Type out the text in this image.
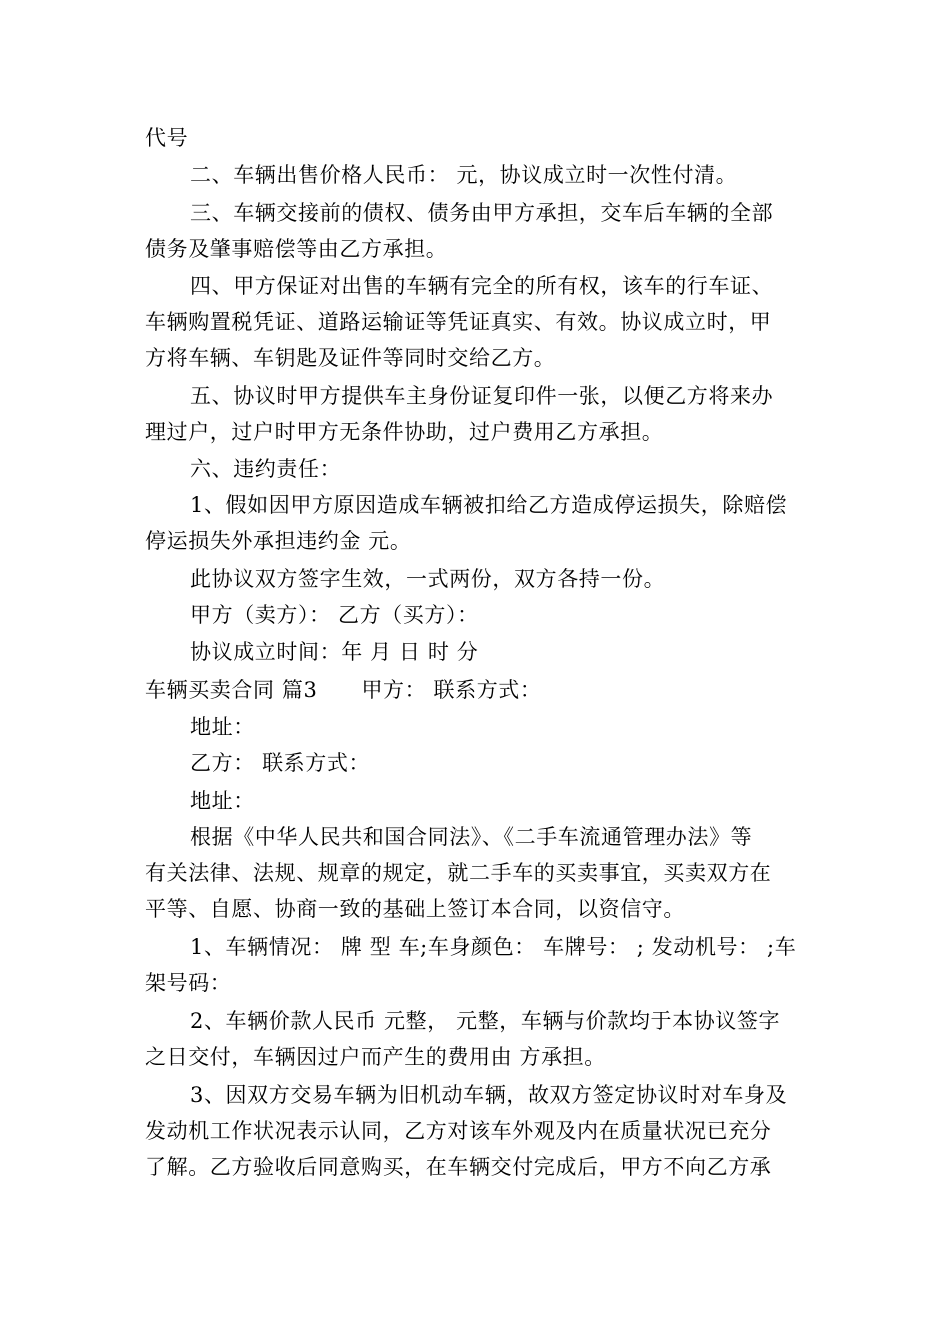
代号
二、车辆出售价格人民币： 元，协议成立时一次性付清。
三、车辆交接前的债权、债务由甲方承担，交车后车辆的全部
债务及肇事赔偿等由乙方承担。
四、甲方保证对出售的车辆有完全的所有权，该车的行车证、
车辆购置税凭证、道路运输证等凭证真实、有效。协议成立时，甲
方将车辆、车钥匙及证件等同时交给乙方。
五、协议时甲方提供车主身份证复印件一张，以便乙方将来办
理过户，过户时甲方无条件协助，过户费用乙方承担。
六、违约责任：
1、假如因甲方原因造成车辆被扣给乙方造成停运损失，除赔偿
停运损失外承担违约金 元。
此协议双方签字生效，一式两份，双方各持一份。
甲方（卖方）： 乙方（买方）：
协议成立时间：年 月 日 时 分
车辆买卖合同 篇3 甲方： 联系方式：
地址：
乙方： 联系方式：
地址：
根据《中华人民共和国合同法》、《二手车流通管理办法》等
有关法律、法规、规章的规定，就二手车的买卖事宜，买卖双方在
平等、自愿、协商一致的基础上签订本合同，以资信守。
1、车辆情况： 牌 型 车;车身颜色： 车牌号： ; 发动机号： ;车
架号码：
2、车辆价款人民币 元整， 元整，车辆与价款均于本协议签字
之日交付，车辆因过户而产生的费用由 方承担。
3、因双方交易车辆为旧机动车辆，故双方签定协议时对车身及
发动机工作状况表示认同，乙方对该车外观及内在质量状况已充分
了解。乙方验收后同意购买，在车辆交付完成后，甲方不向乙方承
